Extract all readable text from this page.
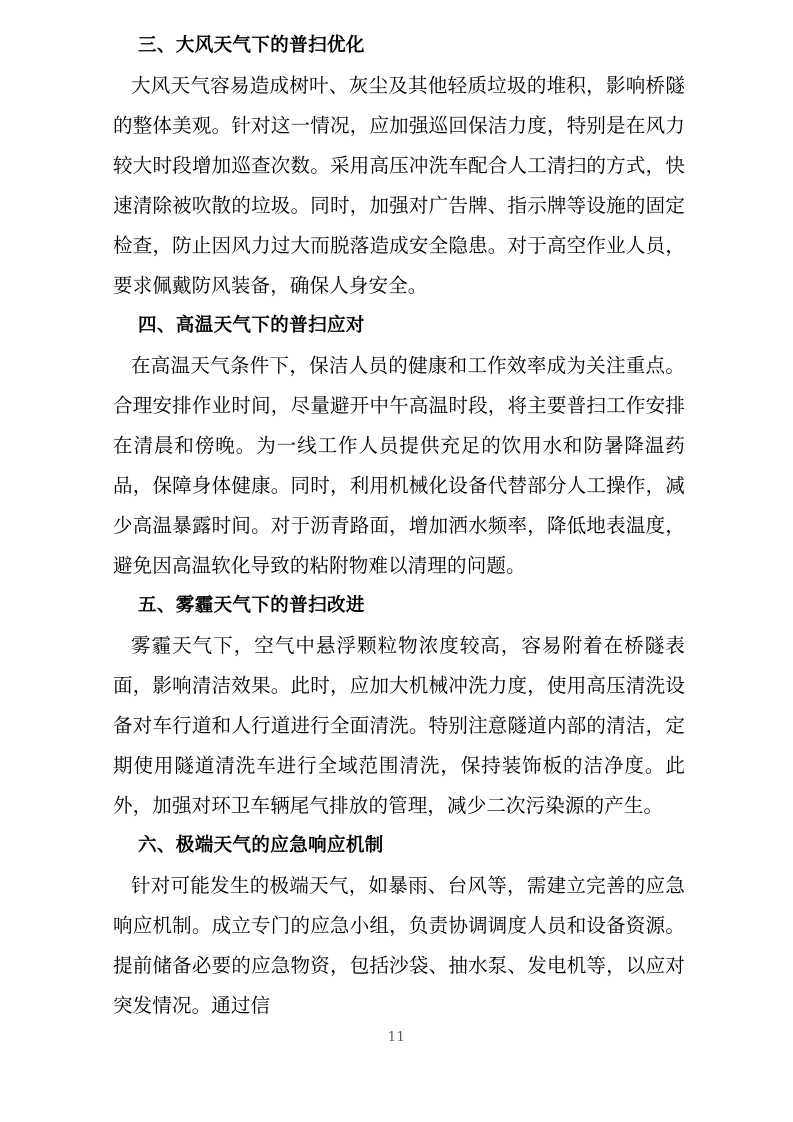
三、大风天气下的普扫优化

大风天气容易造成树叶、灰尘及其他轻质垃圾的堆积，影响桥隧的整体美观。针对这一情况，应加强巡回保洁力度，特别是在风力较大时段增加巡查次数。采用高压冲洗车配合人工清扫的方式，快速清除被吹散的垃圾。同时，加强对广告牌、指示牌等设施的固定检查，防止因风力过大而脱落造成安全隐患。对于高空作业人员，要求佩戴防风装备，确保人身安全。

四、高温天气下的普扫应对

在高温天气条件下，保洁人员的健康和工作效率成为关注重点。合理安排作业时间，尽量避开中午高温时段，将主要普扫工作安排在清晨和傍晚。为一线工作人员提供充足的饮用水和防暑降温药品，保障身体健康。同时，利用机械化设备代替部分人工操作，减少高温暴露时间。对于沥青路面，增加洒水频率，降低地表温度，避免因高温软化导致的粘附物难以清理的问题。

五、雾霾天气下的普扫改进

雾霾天气下，空气中悬浮颗粒物浓度较高，容易附着在桥隧表面，影响清洁效果。此时，应加大机械冲洗力度，使用高压清洗设备对车行道和人行道进行全面清洗。特别注意隧道内部的清洁，定期使用隧道清洗车进行全域范围清洗，保持装饰板的洁净度。此外，加强对环卫车辆尾气排放的管理，减少二次污染源的产生。

六、极端天气的应急响应机制

针对可能发生的极端天气，如暴雨、台风等，需建立完善的应急响应机制。成立专门的应急小组，负责协调调度人员和设备资源。提前储备必要的应急物资，包括沙袋、抽水泵、发电机等，以应对突发情况。通过信

11
